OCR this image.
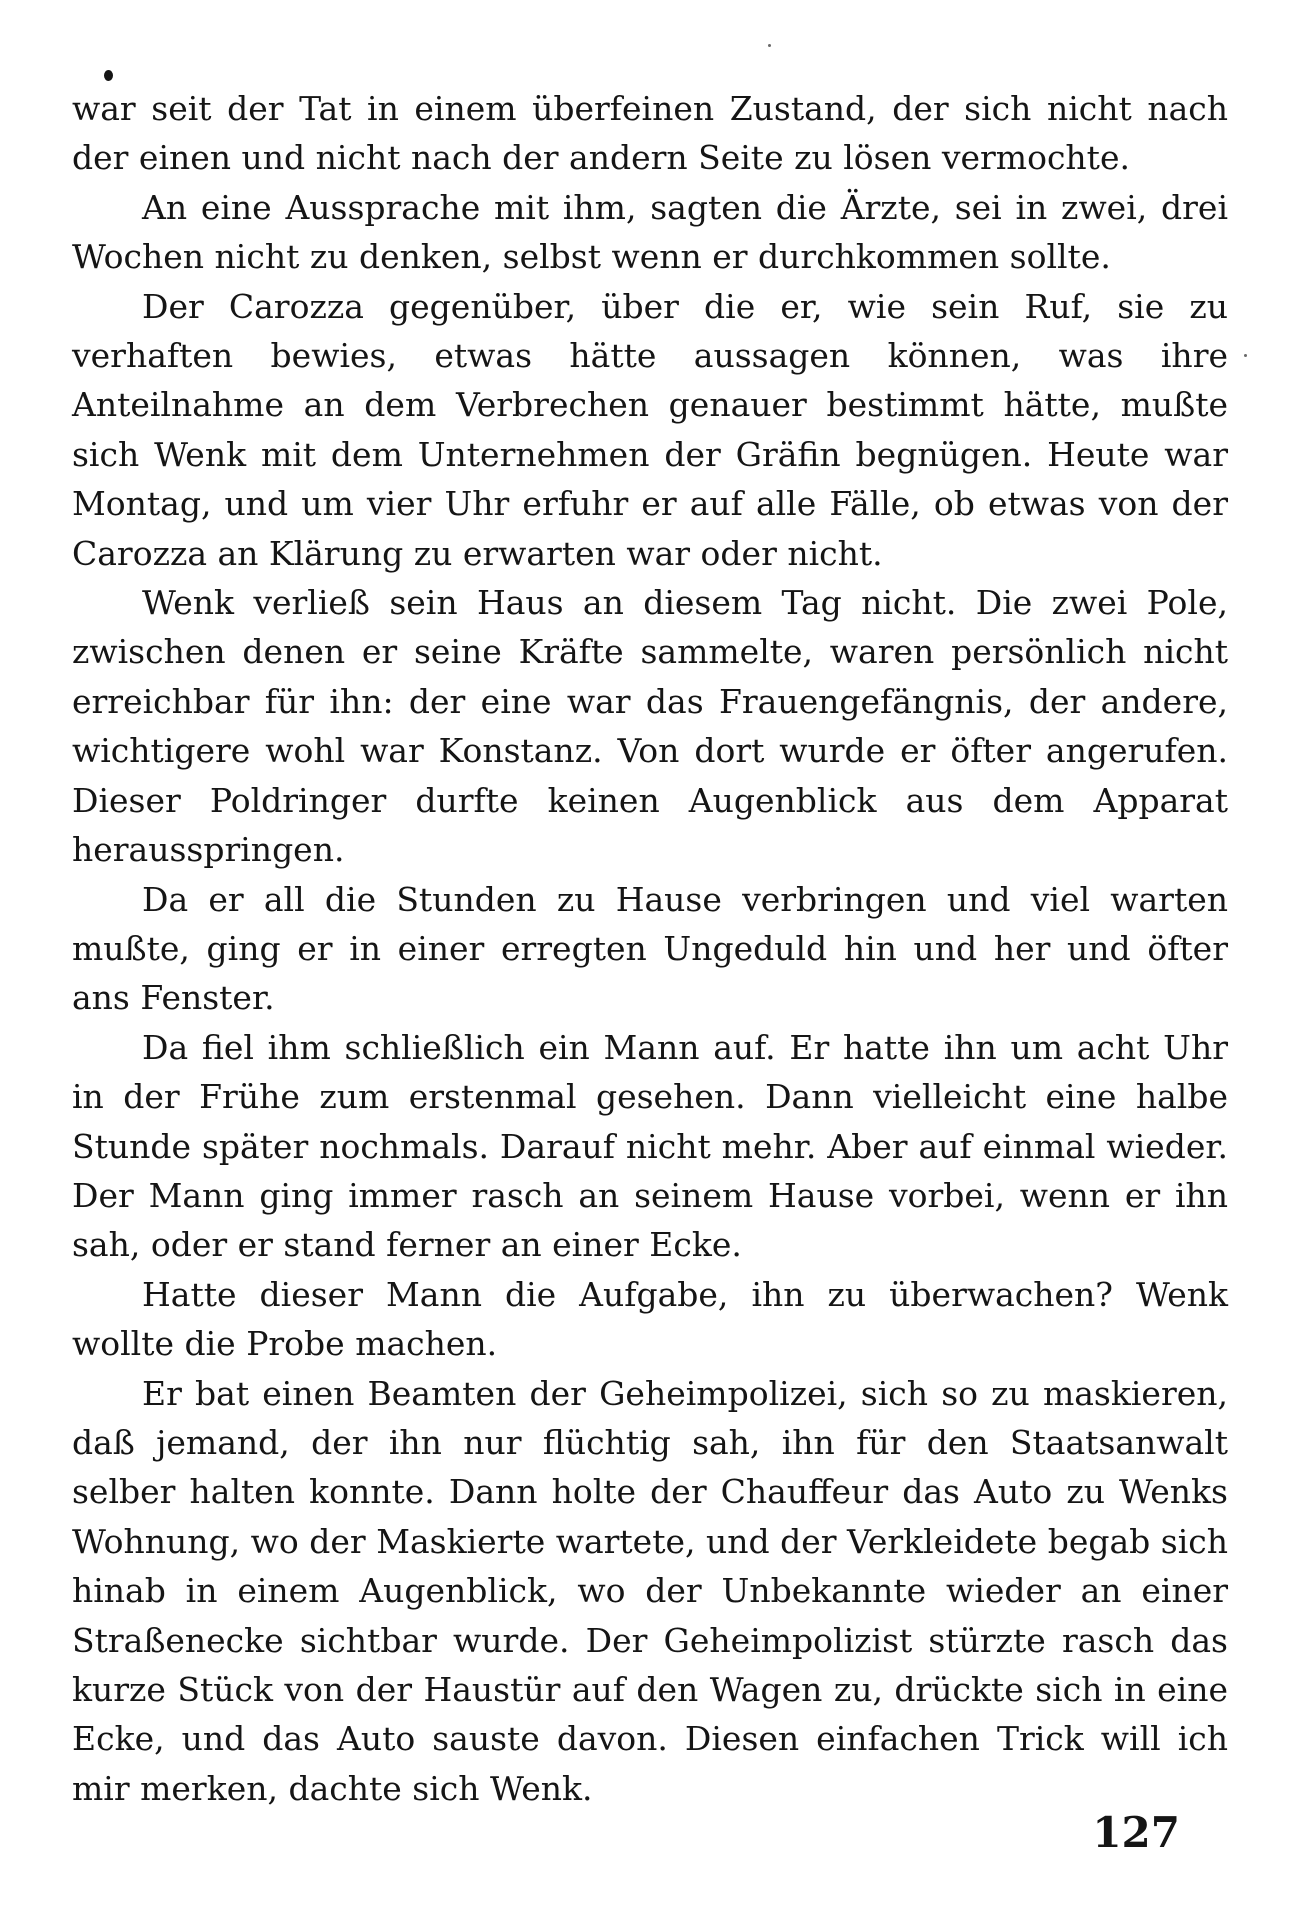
war seit der Tat in einem überfeinen Zustand, der sich nicht nach der einen und nicht nach der andern Seite zu lösen vermochte.

An eine Aussprache mit ihm, sagten die Ärzte, sei in zwei, drei Wochen nicht zu denken, selbst wenn er durchkommen sollte.

Der Carozza gegenüber, über die er, wie sein Ruf, sie zu verhaften bewies, etwas hätte aussagen können, was ihre Anteilnahme an dem Verbrechen genauer bestimmt hätte, mußte sich Wenk mit dem Unternehmen der Gräfin begnügen. Heute war Montag, und um vier Uhr erfuhr er auf alle Fälle, ob etwas von der Carozza an Klärung zu erwarten war oder nicht.

Wenk verließ sein Haus an diesem Tag nicht. Die zwei Pole, zwischen denen er seine Kräfte sammelte, waren persönlich nicht erreichbar für ihn: der eine war das Frauengefängnis, der andere, wichtigere wohl war Konstanz. Von dort wurde er öfter angerufen. Dieser Poldringer durfte keinen Augenblick aus dem Apparat herausspringen.

Da er all die Stunden zu Hause verbringen und viel warten mußte, ging er in einer erregten Ungeduld hin und her und öfter ans Fenster.

Da fiel ihm schließlich ein Mann auf. Er hatte ihn um acht Uhr in der Frühe zum erstenmal gesehen. Dann vielleicht eine halbe Stunde später nochmals. Darauf nicht mehr. Aber auf einmal wieder. Der Mann ging immer rasch an seinem Hause vorbei, wenn er ihn sah, oder er stand ferner an einer Ecke.

Hatte dieser Mann die Aufgabe, ihn zu überwachen? Wenk wollte die Probe machen.

Er bat einen Beamten der Geheimpolizei, sich so zu maskieren, daß jemand, der ihn nur flüchtig sah, ihn für den Staatsanwalt selber halten konnte. Dann holte der Chauffeur das Auto zu Wenks Wohnung, wo der Maskierte wartete, und der Verkleidete begab sich hinab in einem Augenblick, wo der Unbekannte wieder an einer Straßenecke sichtbar wurde. Der Geheimpolizist stürzte rasch das kurze Stück von der Haustür auf den Wagen zu, drückte sich in eine Ecke, und das Auto sauste davon. Diesen einfachen Trick will ich mir merken, dachte sich Wenk.

127
